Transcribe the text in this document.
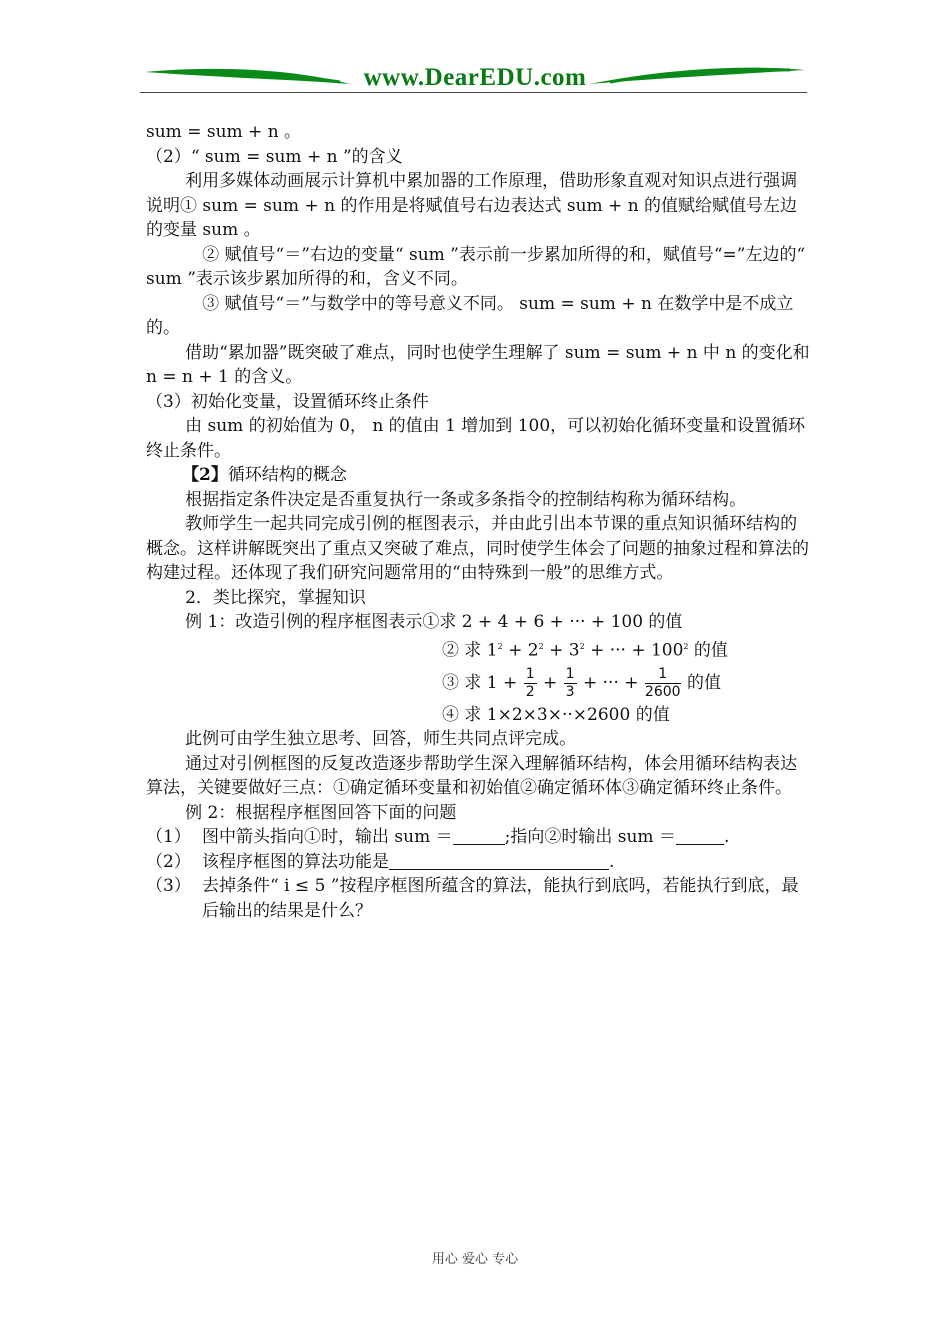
www.DearEDU.com

sum = sum + n 。

（2）“ sum = sum + n ”的含义

利用多媒体动画展示计算机中累加器的工作原理，借助形象直观对知识点进行强调说明① sum = sum + n 的作用是将赋值号右边表达式 sum + n 的值赋给赋值号左边的变量 sum 。

② 赋值号“＝”右边的变量“ sum ”表示前一步累加所得的和，赋值号“=”左边的“ sum ”表示该步累加所得的和，含义不同。

③ 赋值号“＝”与数学中的等号意义不同。 sum = sum + n 在数学中是不成立的。

借助“累加器”既突破了难点，同时也使学生理解了 sum = sum + n 中 n 的变化和 n = n + 1 的含义。

（3）初始化变量，设置循环终止条件

由 sum 的初始值为 0， n 的值由 1 增加到 100，可以初始化循环变量和设置循环终止条件。

【2】循环结构的概念

根据指定条件决定是否重复执行一条或多条指令的控制结构称为循环结构。

教师学生一起共同完成引例的框图表示，并由此引出本节课的重点知识循环结构的概念。这样讲解既突出了重点又突破了难点，同时使学生体会了问题的抽象过程和算法的构建过程。还体现了我们研究问题常用的“由特殊到一般”的思维方式。

2．类比探究，掌握知识

例 1：改造引例的程序框图表示①求 2 + 4 + 6 + ··· + 100 的值

② 求 $1^2 + 2^2 + 3^2$ + ··· + $100^2$ 的值

③ 求 $1 + \frac{1}{2} + \frac{1}{3}$ + ··· + $\frac{1}{2600}$ 的值

④ 求 1×2×3×··×2600 的值

此例可由学生独立思考、回答，师生共同点评完成。

通过对引例框图的反复改造逐步帮助学生深入理解循环结构，体会用循环结构表达算法，关键要做好三点：①确定循环变量和初始值②确定循环体③确定循环终止条件。

例 2：根据程序框图回答下面的问题

（1） 图中箭头指向①时，输出 sum ＝	;指向②时输出 sum ＝	.
（2） 该程序框图的算法功能是	.
（3） 去掉条件“ i ≤ 5 ”按程序框图所蕴含的算法，能执行到底吗，若能执行到底，最后输出的结果是什么？
用心 爱心 专心
